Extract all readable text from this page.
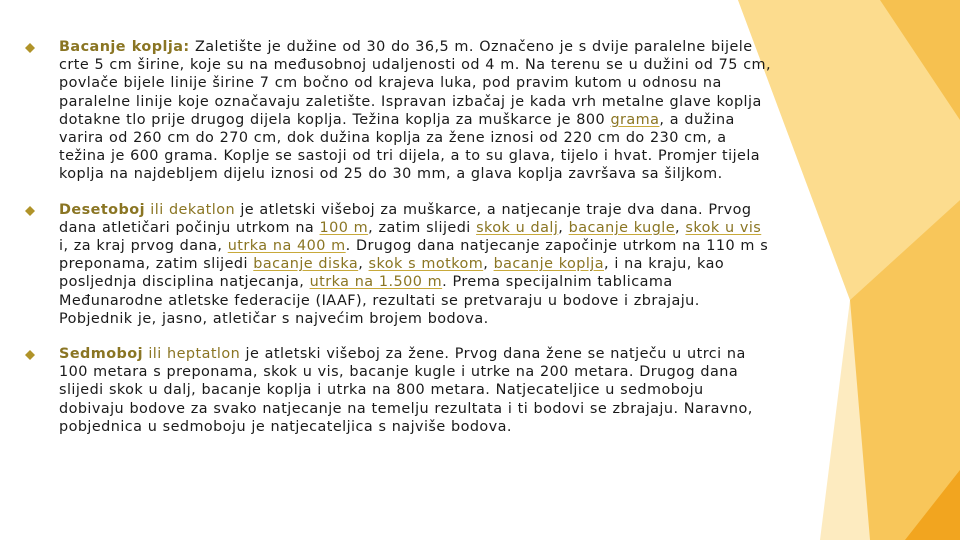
Bacanje koplja: Zaletište je dužine od 30 do 36,5 m. Označeno je s dvije paralelne bijele crte 5 cm širine, koje su na međusobnoj udaljenosti od 4 m. Na terenu se u dužini od 75 cm, povlače bijele linije širine 7 cm bočno od krajeva luka, pod pravim kutom u odnosu na paralelne linije koje označavaju zaletište. Ispravan izbačaj je kada vrh metalne glave koplja dotakne tlo prije drugog dijela koplja. Težina koplja za muškarce je 800 grama, a dužina varira od 260 cm do 270 cm, dok dužina koplja za žene iznosi od 220 cm do 230 cm, a težina je 600 grama. Koplje se sastoji od tri dijela, a to su glava, tijelo i hvat. Promjer tijela koplja na najdebljem dijelu iznosi od 25 do 30 mm, a glava koplja završava sa šiljkom.
Desetoboj ili dekatlon je atletski višeboj za muškarce, a natjecanje traje dva dana. Prvog dana atletičari počinju utrkom na 100 m, zatim slijedi skok u dalj, bacanje kugle, skok u vis i, za kraj prvog dana, utrka na 400 m. Drugog dana natjecanje započinje utrkom na 110 m s preponama, zatim slijedi bacanje diska, skok s motkom, bacanje koplja, i na kraju, kao posljednja disciplina natjecanja, utrka na 1.500 m. Prema specijalnim tablicama Međunarodne atletske federacije (IAAF), rezultati se pretvaraju u bodove i zbrajaju. Pobjednik je, jasno, atletičar s najvećim brojem bodova.
Sedmoboj ili heptatlon je atletski višeboj za žene. Prvog dana žene se natječu u utrci na 100 metara s preponama, skok u vis, bacanje kugle i utrke na 200 metara. Drugog dana slijedi skok u dalj, bacanje koplja i utrka na 800 metara. Natjecateljice u sedmoboju dobivaju bodove za svako natjecanje na temelju rezultata i ti bodovi se zbrajaju. Naravno, pobjednica u sedmoboju je natjecateljica s najviše bodova.
